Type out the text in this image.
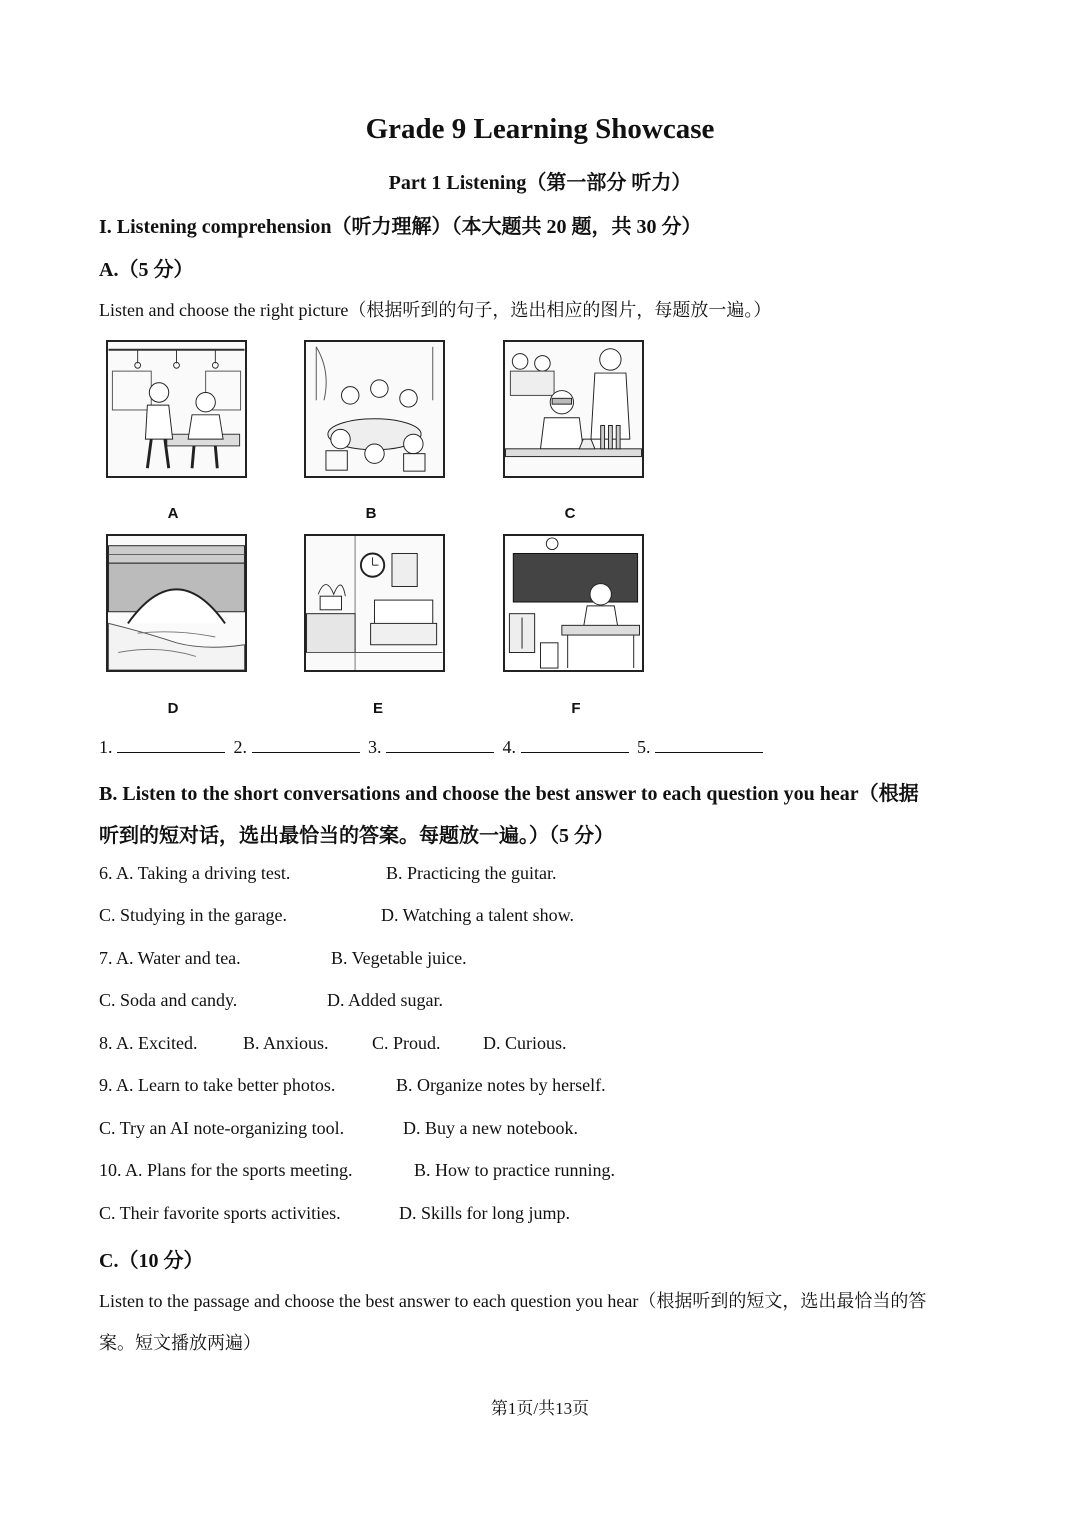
Grade 9 Learning Showcase
Part 1 Listening（第一部分 听力）
I. Listening comprehension（听力理解）（本大题共 20 题，共 30 分）
A.（5 分）
Listen and choose the right picture（根据听到的句子，选出相应的图片，每题放一遍。）
A	B	C
D	E	F
1.	2.	3.	4.	5.
B. Listen to the short conversations and choose the best answer to each question you hear（根据
听到的短对话，选出最恰当的答案。每题放一遍。）（5 分）
6. A. Taking a driving test.	B. Practicing the guitar.
C. Studying in the garage.	D. Watching a talent show.
7. A. Water and tea.	B. Vegetable juice.
C. Soda and candy.	D. Added sugar.
8. A. Excited.	B. Anxious. C. Proud. D. Curious.
9. A. Learn to take better photos.	B. Organize notes by herself.
C. Try an AI note-organizing tool.	D. Buy a new notebook.
10. A. Plans for the sports meeting.	B. How to practice running.
C. Their favorite sports activities.	D. Skills for long jump.
C.（10 分）
Listen to the passage and choose the best answer to each question you hear（根据听到的短文，选出最恰当的答
案。短文播放两遍）
第1页/共13页
